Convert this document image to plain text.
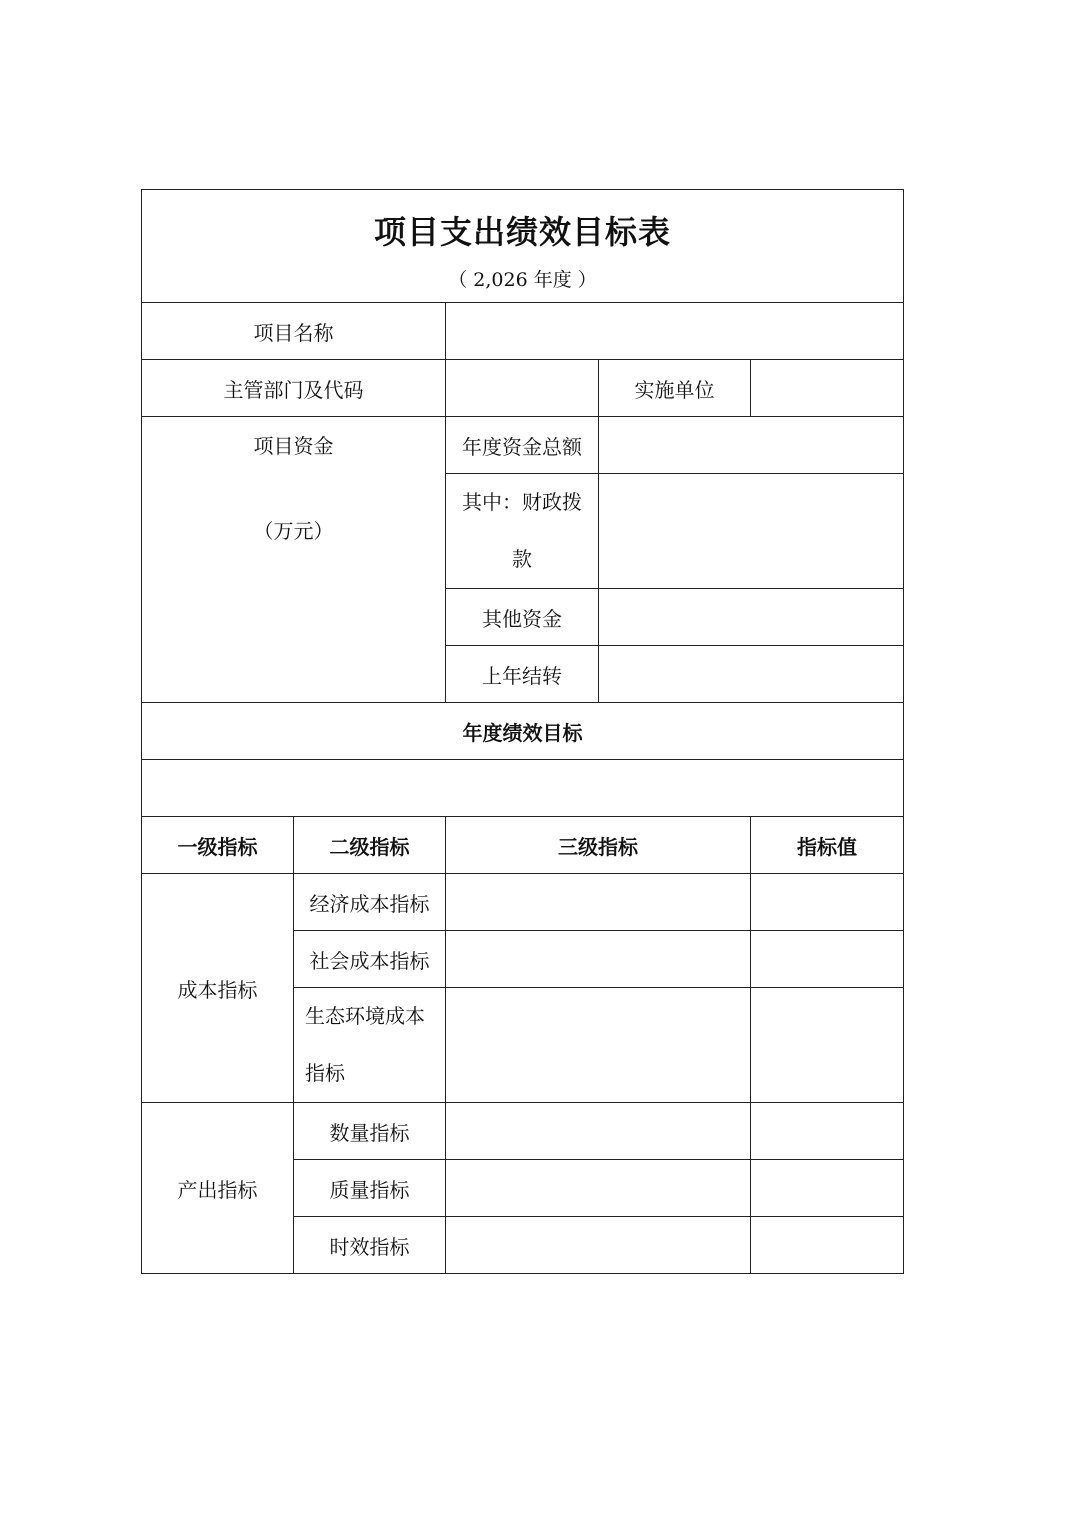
项目支出绩效目标表				

（ 2,026 年度 ）				
项目名称				
主管部门及代码			实施单位	
项目资金
（万元）		年度资金总额		
		其中：财政拨
款		
		其他资金		
		上年结转		
年度绩效目标				

一级指标	二级指标	三级指标		指标值
成本指标	经济成本指标			
	社会成本指标			
	生态环境成本
指标			
产出指标	数量指标			
	质量指标			
	时效指标			
